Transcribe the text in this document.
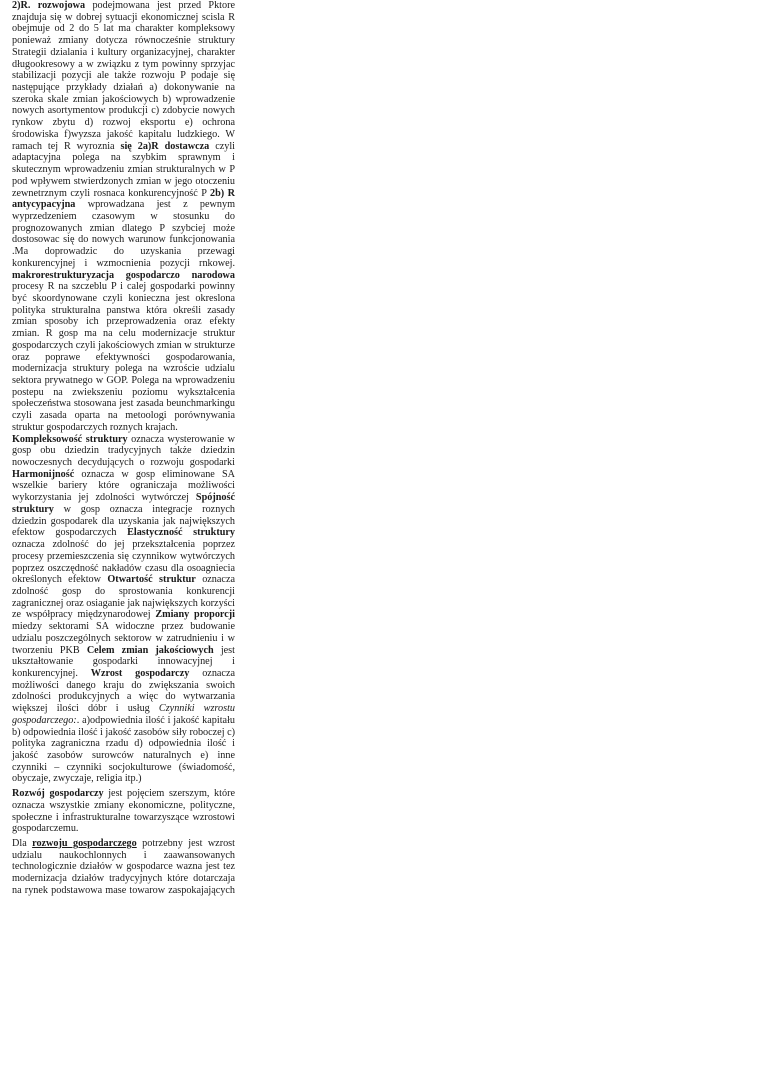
2)R. rozwojowa podejmowana jest przed Pktore znajduja się w dobrej sytuacji ekonomicznej scisla R obejmuje od 2 do 5 lat ma charakter kompleksowy ponieważ zmiany dotycza równocześnie struktury Strategii dzialania i kultury organizacyjnej, charakter długookresowy a w związku z tym powinny sprzyjac stabilizacji pozycji ale także rozwoju P podaje się następujące przykłady działań a) dokonywanie na szeroka skale zmian jakościowych b) wprowadzenie nowych asortymentow produkcji c) zdobycie nowych rynkow zbytu d) rozwoj eksportu e) ochrona środowiska f)wyzsza jakość kapitalu ludzkiego. W ramach tej R wyroznia się 2a)R dostawcza czyli adaptacyjna polega na szybkim sprawnym i skutecznym wprowadzeniu zmian strukturalnych w P pod wpływem stwierdzonych zmian w jego otoczeniu zewnetrznym czyli rosnaca konkurencyjność P 2b) R antycypacyjna wprowadzana jest z pewnym wyprzedzeniem czasowym w stosunku do prognozowanych zmian dlatego P szybciej może dostosowac się do nowych warunow funkcjonowania .Ma doprowadzic do uzyskania przewagi konkurencyjnej i wzmocnienia pozycji rnkowej. makrorestrukturyzacja gospodarczo narodowa procesy R na szczeblu P i calej gospodarki powinny być skoordynowane czyli konieczna jest okreslona polityka strukturalna panstwa która określi zasady zmian sposoby ich przeprowadzenia oraz efekty zmian. R gosp ma na celu modernizacje struktur gospodarczych czyli jakościowych zmian w strukturze oraz poprawe efektywności gospodarowania, modernizacja struktury polega na wzroście udzialu sektora prywatnego w GOP. Polega na wprowadzeniu postepu na zwiekszeniu poziomu wykształcenia społeczeństwa stosowana jest zasada beunchmarkingu czyli zasada oparta na metoologi porównywania struktur gospodarczych roznych krajach.

Kompleksowość struktury oznacza wysterowanie w gosp obu dziedzin tradycyjnych także dziedzin nowoczesnych decydujących o rozwoju gospodarki Harmonijność oznacza w gosp eliminowane SA wszelkie bariery które ograniczaja możliwości wykorzystania jej zdolności wytwórczej Spójność struktury w gosp oznacza integracje roznych dziedzin gospodarek dla uzyskania jak największych efektow gospodarczych Elastyczność struktury oznacza zdolność do jej przekształcenia poprzez procesy przemieszczenia się czynnikow wytwórczych poprzez oszczędność nakładów czasu dla osoagniecia określonych efektow Otwartość struktur oznacza zdolność gosp do sprostowania konkurencji zagranicznej oraz osiaganie jak największych korzyści ze współpracy międzynarodowej Zmiany proporcji miedzy sektorami SA widoczne przez budowanie udzialu poszczególnych sektorow w zatrudnieniu i w tworzeniu PKB Celem zmian jakościowych jest ukształtowanie gospodarki innowacyjnej i konkurencyjnej. Wzrost gospodarczy oznacza możliwości danego kraju do zwiększania swoich zdolności produkcyjnych a więc do wytwarzania większej ilości dóbr i usług Czynniki wzrostu gospodarczego:. a)odpowiednia ilość i jakość kapitału b) odpowiednia ilość i jakość zasobów siły roboczej c) polityka zagraniczna rzadu d) odpowiednia ilość i jakość zasobów surowców naturalnych e) inne czynniki – czynniki socjokulturowe (świadomość, obyczaje, zwyczaje, religia itp.)

Rozwój gospodarczy jest pojęciem szerszym, które oznacza wszystkie zmiany ekonomiczne, polityczne, społeczne i infrastrukturalne towarzyszące wzrostowi gospodarczemu.

Dla rozwoju gospodarczego potrzebny jest wzrost udzialu naukochlonnych i zaawansowanych technologicznie działów w gospodarce wazna jest tez modernizacja działów tradycyjnych które dotarczaja na rynek podstawowa mase towarow zaspokajających
